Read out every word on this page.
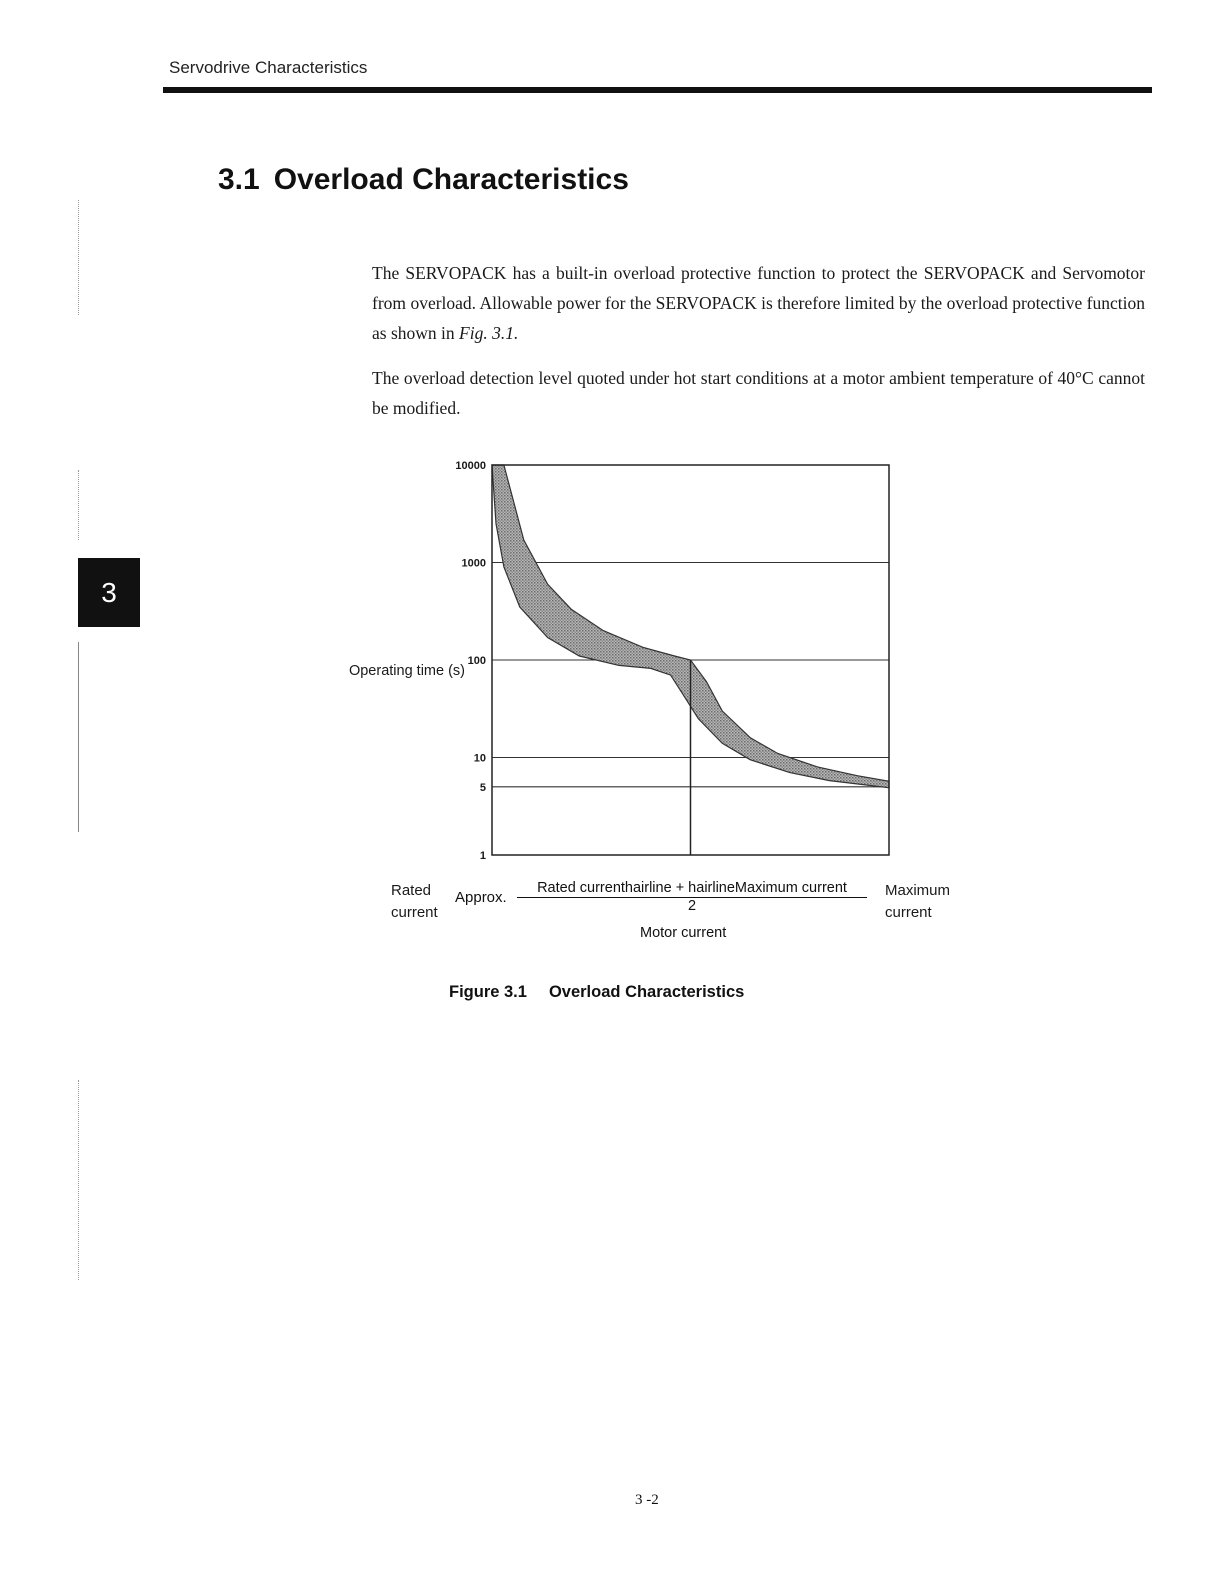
Servodrive Characteristics
3.1 Overload Characteristics

The SERVOPACK has a built-in overload protective function to protect the SERVOPACK and Servomotor from overload. Allowable power for the SERVOPACK is therefore limited by the overload protective function as shown in Fig. 3.1.

The overload detection level quoted under hot start conditions at a motor ambient temperature of 40°C cannot be modified.

3
10000
1000
100
10
5
1
Operating time (s)
Rated
current
Approx.
Rated currenthairline + hairlineMaximum current
2
Maximum
current
Motor current
Figure 3.1 Overload Characteristics
3 -2
